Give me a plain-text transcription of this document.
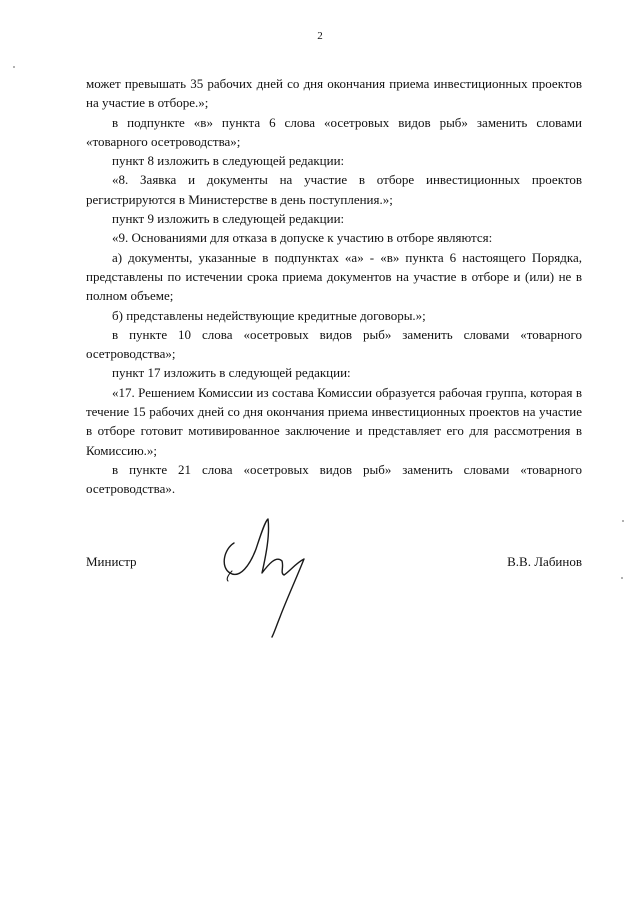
2

может превышать 35 рабочих дней со дня окончания приема инвестиционных проектов на участие в отборе.»;

в подпункте «в» пункта 6 слова «осетровых видов рыб» заменить словами «товарного осетроводства»;

пункт 8 изложить в следующей редакции:

«8. Заявка и документы на участие в отборе инвестиционных проектов регистрируются в Министерстве в день поступления.»;

пункт 9 изложить в следующей редакции:

«9. Основаниями для отказа в допуске к участию в отборе являются:

а) документы, указанные в подпунктах «а» - «в» пункта 6 настоящего Порядка, представлены по истечении срока приема документов на участие в отборе и (или) не в полном объеме;

б) представлены недействующие кредитные договоры.»;

в пункте 10 слова «осетровых видов рыб» заменить словами «товарного осетроводства»;

пункт 17 изложить в следующей редакции:

«17. Решением Комиссии из состава Комиссии образуется рабочая группа, которая в течение 15 рабочих дней со дня окончания приема инвестиционных проектов на участие в отборе готовит мотивированное заключение и представляет его для рассмотрения в Комиссию.»;

в пункте 21 слова «осетровых видов рыб» заменить словами «товарного осетроводства».

Министр	В.В. Лабинов
